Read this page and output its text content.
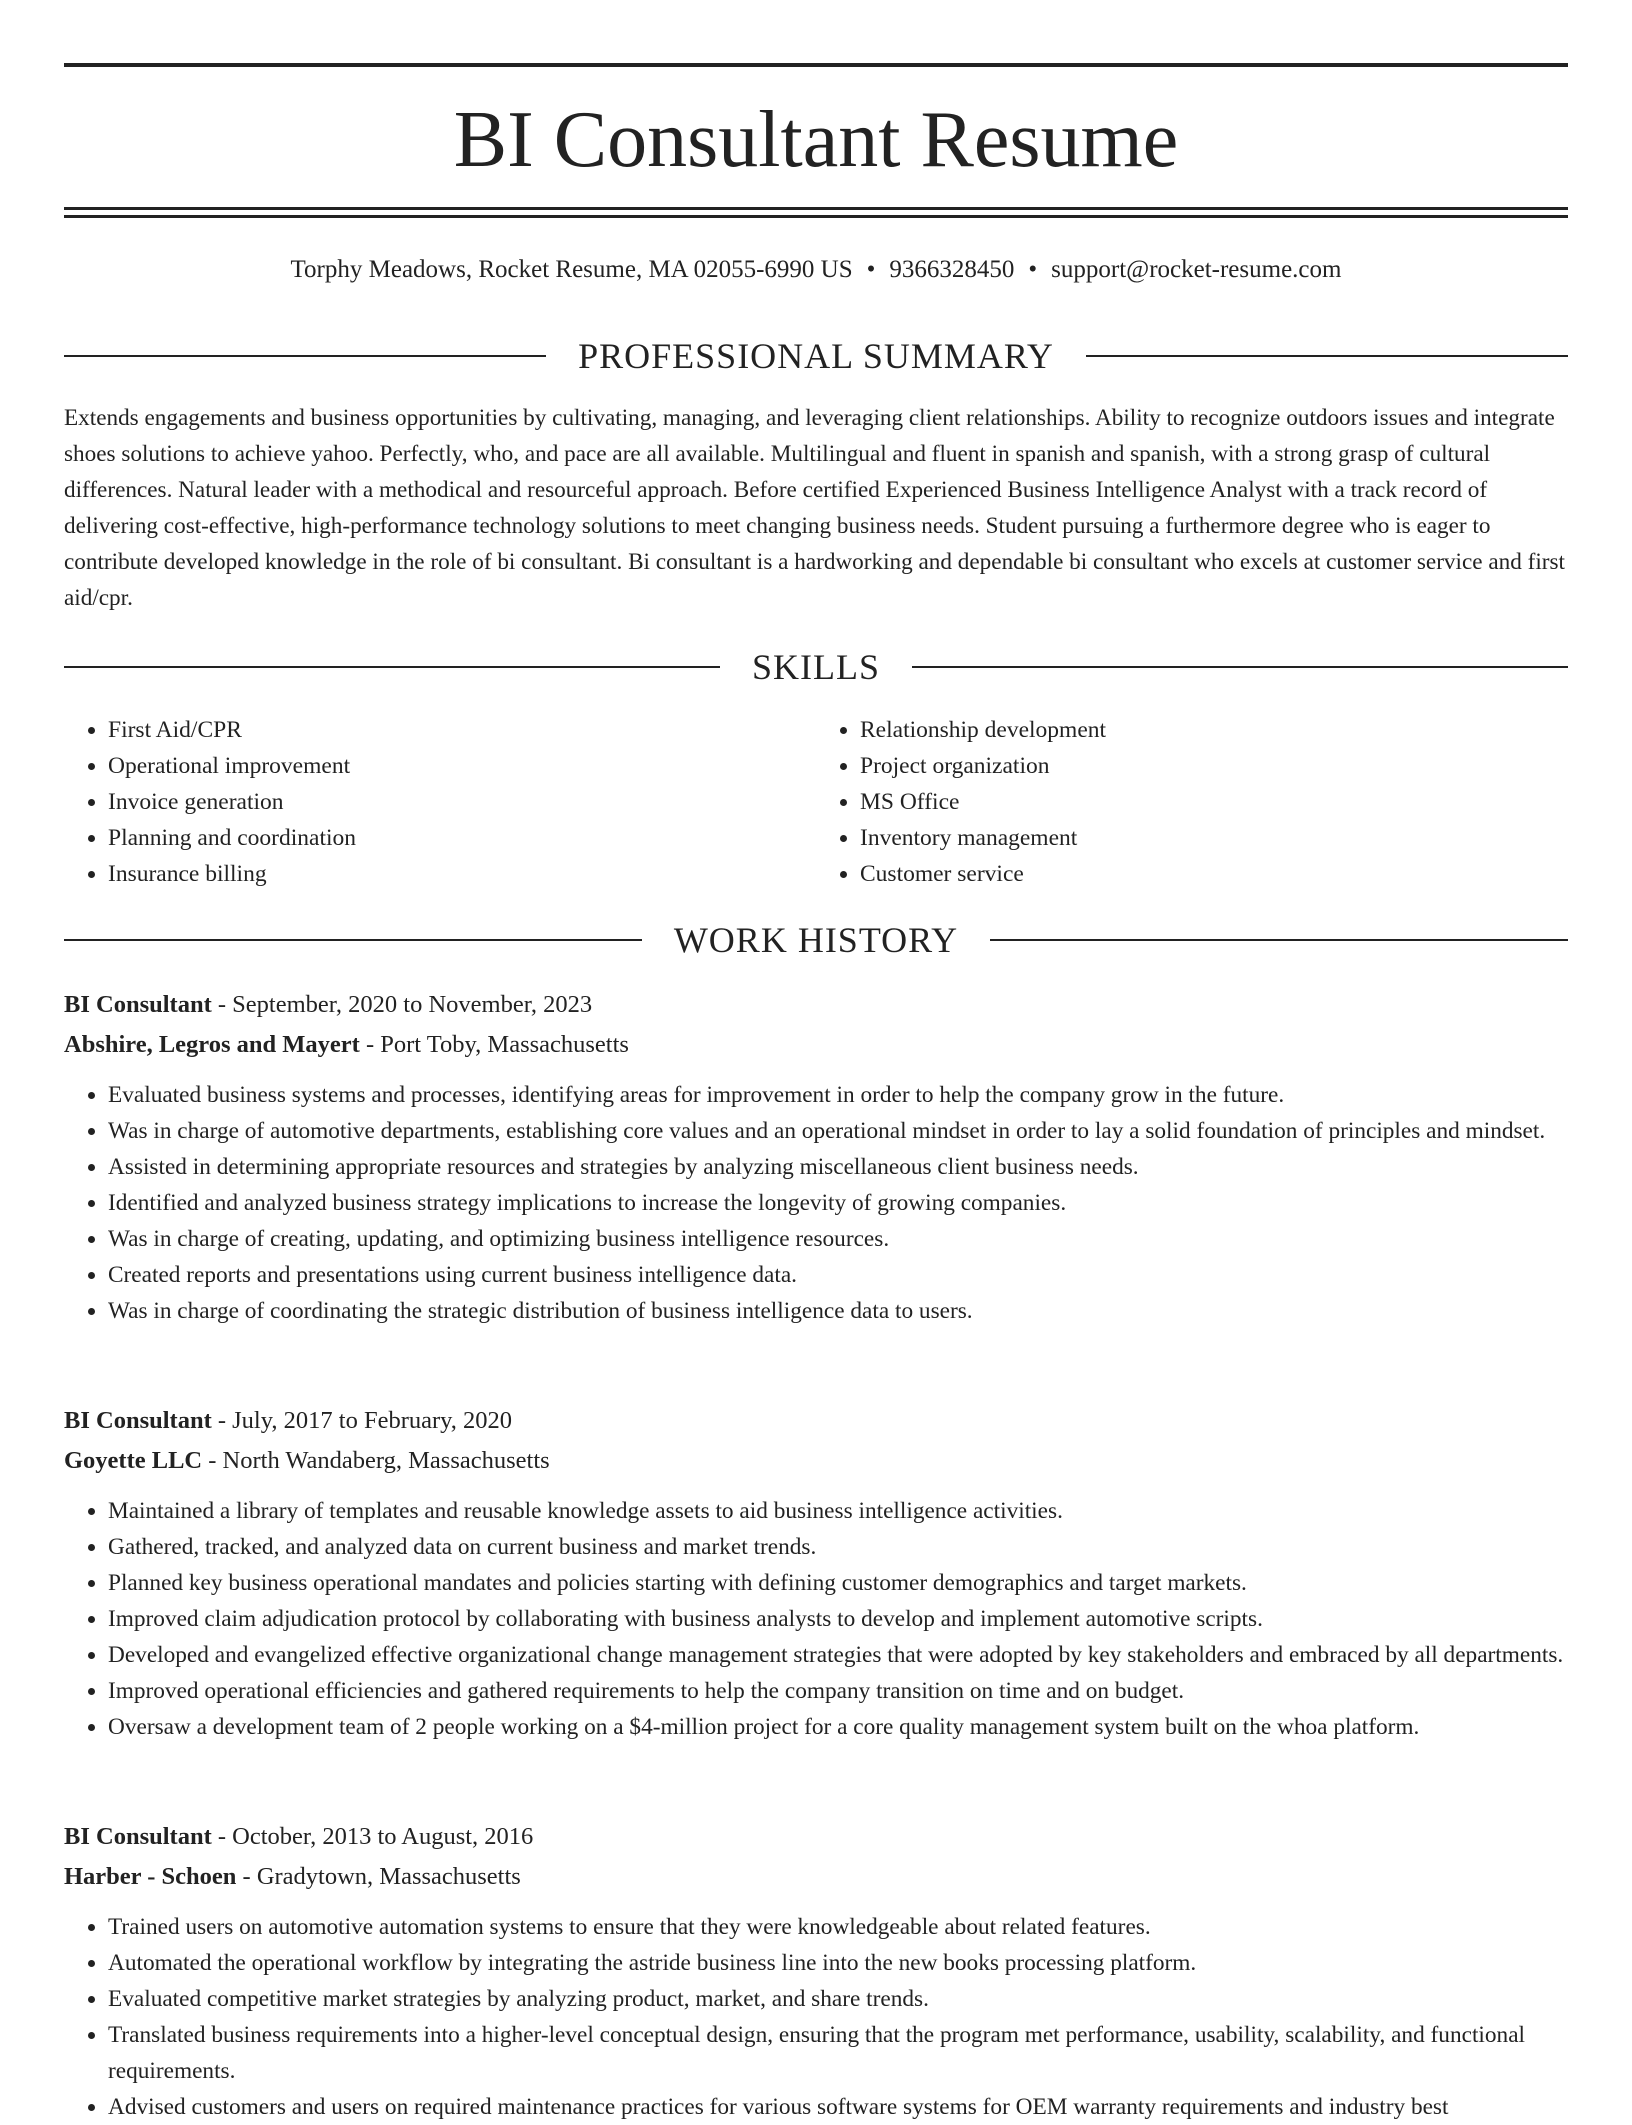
BI Consultant Resume
Torphy Meadows, Rocket Resume, MA 02055-6990 US • 9366328450 • support@rocket-resume.com
PROFESSIONAL SUMMARY

Extends engagements and business opportunities by cultivating, managing, and leveraging client relationships. Ability to recognize outdoors issues and integrate shoes solutions to achieve yahoo. Perfectly, who, and pace are all available. Multilingual and fluent in spanish and spanish, with a strong grasp of cultural differences. Natural leader with a methodical and resourceful approach. Before certified Experienced Business Intelligence Analyst with a track record of delivering cost-effective, high-performance technology solutions to meet changing business needs. Student pursuing a furthermore degree who is eager to contribute developed knowledge in the role of bi consultant. Bi consultant is a hardworking and dependable bi consultant who excels at customer service and first aid/cpr.

SKILLS
• First Aid/CPR
• Operational improvement
• Invoice generation
• Planning and coordination
• Insurance billing
• Relationship development
• Project organization
• MS Office
• Inventory management
• Customer service
WORK HISTORY

BI Consultant - September, 2020 to November, 2023

Abshire, Legros and Mayert - Port Toby, Massachusetts

• Evaluated business systems and processes, identifying areas for improvement in order to help the company grow in the future.
• Was in charge of automotive departments, establishing core values and an operational mindset in order to lay a solid foundation of principles and mindset.
• Assisted in determining appropriate resources and strategies by analyzing miscellaneous client business needs.
• Identified and analyzed business strategy implications to increase the longevity of growing companies.
• Was in charge of creating, updating, and optimizing business intelligence resources.
• Created reports and presentations using current business intelligence data.
• Was in charge of coordinating the strategic distribution of business intelligence data to users.

BI Consultant - July, 2017 to February, 2020

Goyette LLC - North Wandaberg, Massachusetts

• Maintained a library of templates and reusable knowledge assets to aid business intelligence activities.
• Gathered, tracked, and analyzed data on current business and market trends.
• Planned key business operational mandates and policies starting with defining customer demographics and target markets.
• Improved claim adjudication protocol by collaborating with business analysts to develop and implement automotive scripts.
• Developed and evangelized effective organizational change management strategies that were adopted by key stakeholders and embraced by all departments.
• Improved operational efficiencies and gathered requirements to help the company transition on time and on budget.
• Oversaw a development team of 2 people working on a $4-million project for a core quality management system built on the whoa platform.

BI Consultant - October, 2013 to August, 2016

Harber - Schoen - Gradytown, Massachusetts

• Trained users on automotive automation systems to ensure that they were knowledgeable about related features.
• Automated the operational workflow by integrating the astride business line into the new books processing platform.
• Evaluated competitive market strategies by analyzing product, market, and share trends.
• Translated business requirements into a higher-level conceptual design, ensuring that the program met performance, usability, scalability, and functional requirements.
• Advised customers and users on required maintenance practices for various software systems for OEM warranty requirements and industry best
